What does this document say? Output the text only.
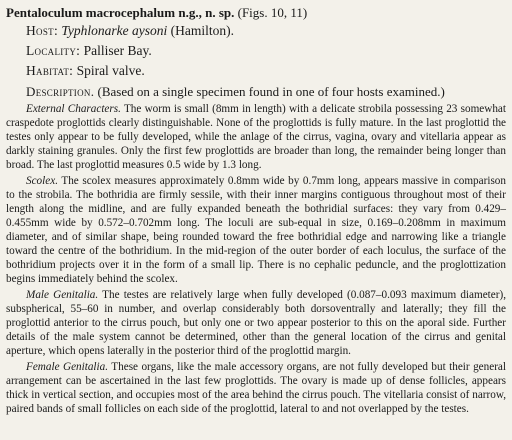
Pentaloculum macrocephalum n.g., n. sp. (Figs. 10, 11)

Host: Typhlonarke aysoni (Hamilton).

Locality: Palliser Bay.

Habitat: Spiral valve.

Description. (Based on a single specimen found in one of four hosts examined.)

External Characters. The worm is small (8mm in length) with a delicate strobila possessing 23 somewhat craspedote proglottids clearly distinguishable. None of the proglottids is fully mature. In the last proglottid the testes only appear to be fully developed, while the anlage of the cirrus, vagina, ovary and vitellaria appear as darkly staining granules. Only the first few proglottids are broader than long, the remainder being longer than broad. The last proglottid measures 0.5 wide by 1.3 long.

Scolex. The scolex measures approximately 0.8mm wide by 0.7mm long, appears massive in comparison to the strobila. The bothridia are firmly sessile, with their inner margins contiguous throughout most of their length along the midline, and are fully expanded beneath the bothridial surfaces: they vary from 0.429–0.455mm wide by 0.572–0.702mm long. The loculi are sub-equal in size, 0.169–0.208mm in maximum diameter, and of similar shape, being rounded toward the free bothridial edge and narrowing like a triangle toward the centre of the bothridium. In the mid-region of the outer border of each loculus, the surface of the bothridium projects over it in the form of a small lip. There is no cephalic peduncle, and the proglottization begins immediately behind the scolex.

Male Genitalia. The testes are relatively large when fully developed (0.087–0.093 maximum diameter), subspherical, 55–60 in number, and overlap considerably both dorsoventrally and laterally; they fill the proglottid anterior to the cirrus pouch, but only one or two appear posterior to this on the aporal side. Further details of the male system cannot be determined, other than the general location of the cirrus and genital aperture, which opens laterally in the posterior third of the proglottid margin.

Female Genitalia. These organs, like the male accessory organs, are not fully developed but their general arrangement can be ascertained in the last few proglottids. The ovary is made up of dense follicles, appears thick in vertical section, and occupies most of the area behind the cirrus pouch. The vitellaria consist of narrow, paired bands of small follicles on each side of the proglottid, lateral to and not overlapped by the testes.
